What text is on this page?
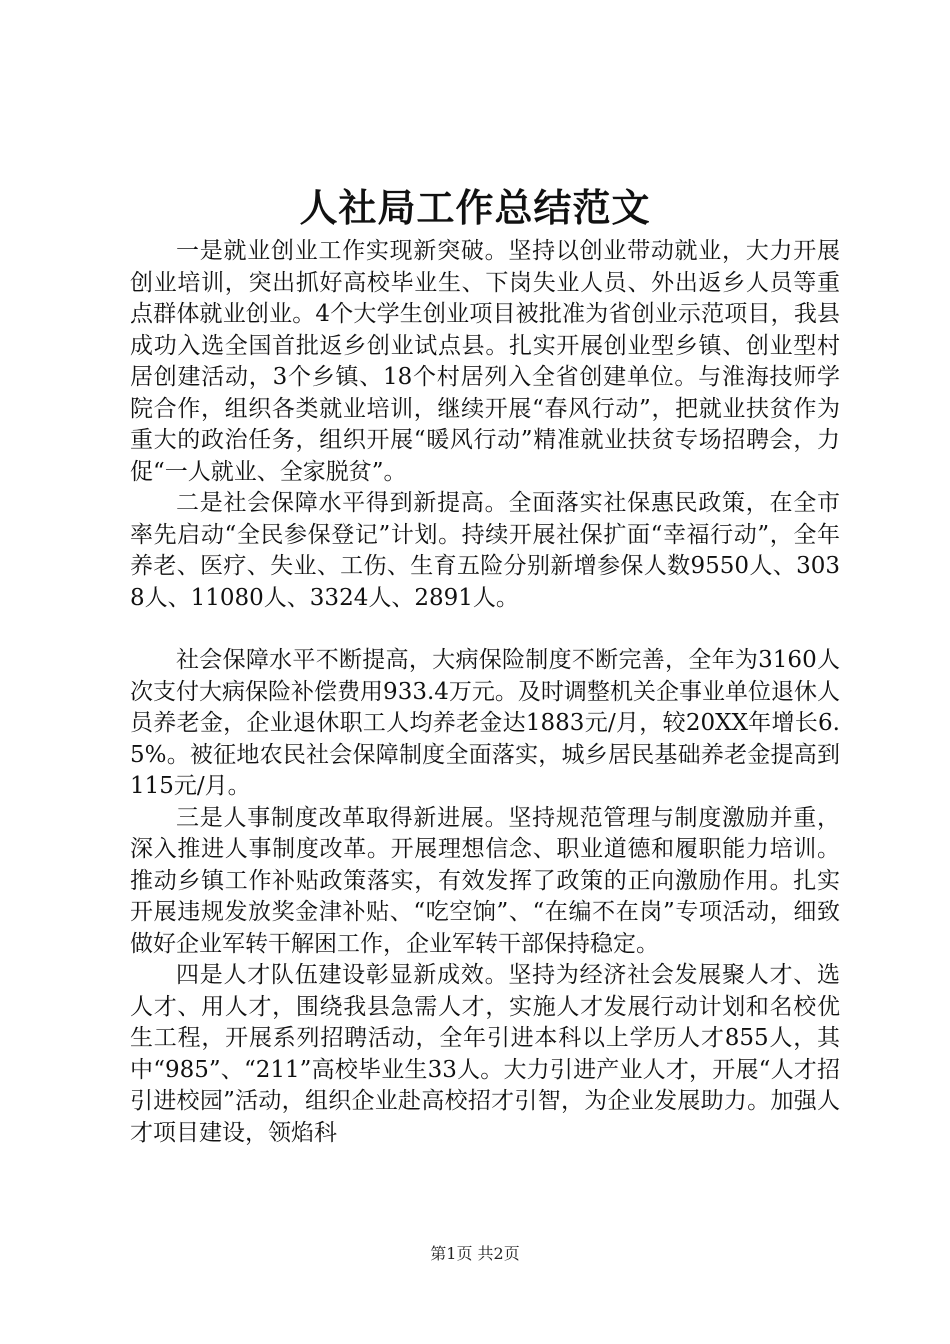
人社局工作总结范文

一是就业创业工作实现新突破。坚持以创业带动就业，大力开展创业培训，突出抓好高校毕业生、下岗失业人员、外出返乡人员等重点群体就业创业。4个大学生创业项目被批准为省创业示范项目，我县成功入选全国首批返乡创业试点县。扎实开展创业型乡镇、创业型村居创建活动，3个乡镇、18个村居列入全省创建单位。与淮海技师学院合作，组织各类就业培训，继续开展“春风行动”，把就业扶贫作为重大的政治任务，组织开展“暖风行动”精准就业扶贫专场招聘会，力促“一人就业、全家脱贫”。

二是社会保障水平得到新提高。全面落实社保惠民政策，在全市率先启动“全民参保登记”计划。持续开展社保扩面“幸福行动”，全年养老、医疗、失业、工伤、生育五险分别新增参保人数9550人、3038人、11080人、3324人、2891人。

社会保障水平不断提高，大病保险制度不断完善，全年为3160人次支付大病保险补偿费用933.4万元。及时调整机关企事业单位退休人员养老金，企业退休职工人均养老金达1883元/月，较20XX年增长6.5%。被征地农民社会保障制度全面落实，城乡居民基础养老金提高到115元/月。

三是人事制度改革取得新进展。坚持规范管理与制度激励并重，深入推进人事制度改革。开展理想信念、职业道德和履职能力培训。推动乡镇工作补贴政策落实，有效发挥了政策的正向激励作用。扎实开展违规发放奖金津补贴、“吃空饷”、“在编不在岗”专项活动，细致做好企业军转干解困工作，企业军转干部保持稳定。

四是人才队伍建设彰显新成效。坚持为经济社会发展聚人才、选人才、用人才，围绕我县急需人才，实施人才发展行动计划和名校优生工程，开展系列招聘活动，全年引进本科以上学历人才855人，其中“985”、“211”高校毕业生33人。大力引进产业人才，开展“人才招引进校园”活动，组织企业赴高校招才引智，为企业发展助力。加强人才项目建设，领焰科

第1页 共2页
